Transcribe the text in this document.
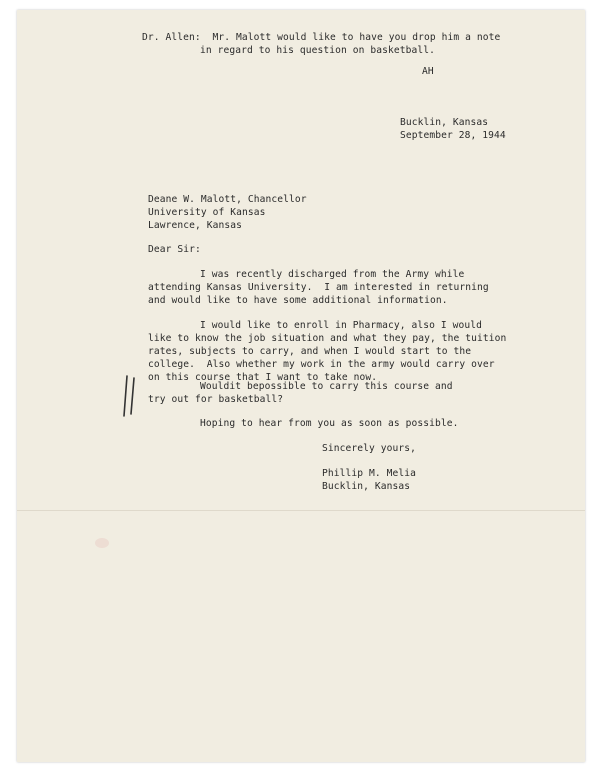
Dr. Allen:  Mr. Malott would like to have you drop him a note
in regard to his question on basketball.
AH
Bucklin, Kansas
September 28, 1944
Deane W. Malott, Chancellor
University of Kansas
Lawrence, Kansas
Dear Sir:
I was recently discharged from the Army while
attending Kansas University.  I am interested in returning
and would like to have some additional information.
I would like to enroll in Pharmacy, also I would
like to know the job situation and what they pay, the tuition
rates, subjects to carry, and when I would start to the
college.  Also whether my work in the army would carry over
on this course that I want to take now.
Wouldit bepossible to carry this course and
try out for basketball?
Hoping to hear from you as soon as possible.
Sincerely yours,
Phillip M. Melia
Bucklin, Kansas
